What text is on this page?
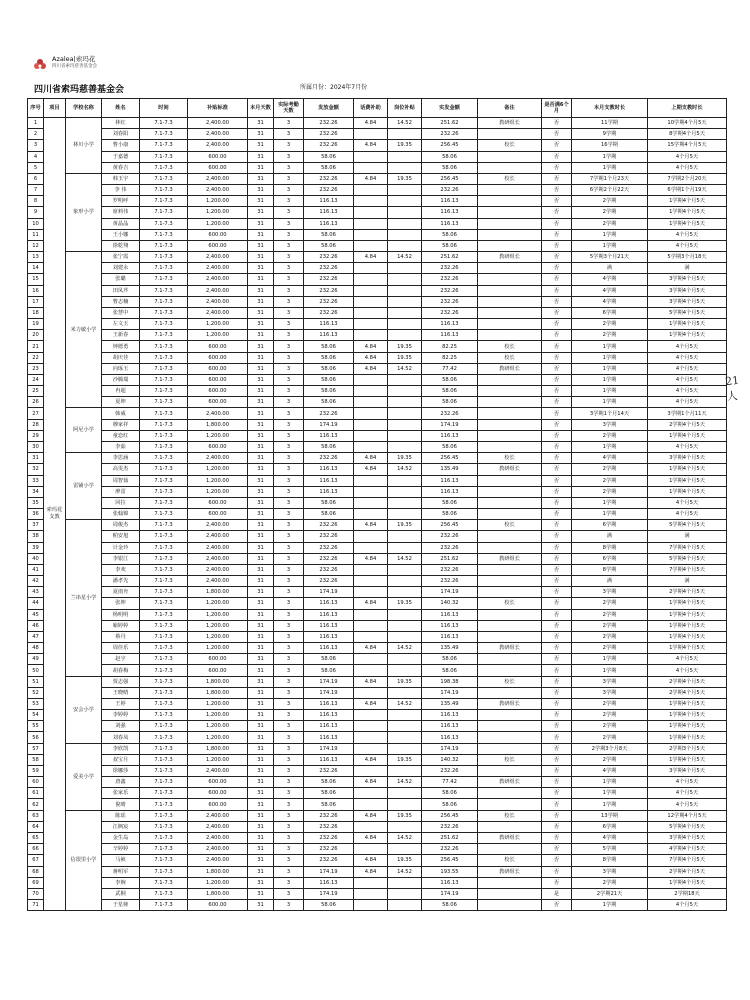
Azalea|索玛花
四川省索玛慈善基金会
四川省索玛慈善基金会	所属月份：2024年7月份
21人
序号	项目	学校名称	姓名	时间	补贴标准	本月天数	实际考勤天数	发放金额	话费补助	岗位补贴	实发金额	备注	是否满6个月	本月支教时长	上期支教时长
1	索玛花支教	林川小学	林红	7.1-7.3	2,400.00	31	3	232.26	4.84	14.52	251.62	教研组长	否	11学期	10学期4个月5天
2			刘春阳	7.1-7.3	2,400.00	31	3	232.26			232.26		否	9学期	8学期4个月5天
3			曹小康	7.1-7.3	2,400.00	31	3	232.26	4.84	19.35	256.45	校长	否	16学期	15学期4个月5天
4			于嘉德	7.1-7.3	600.00	31	3	58.06			58.06		否	1学期	4个月5天
5			黄春吉	7.1-7.3	600.00	31	3	58.06			58.06		否	1学期	4个月5天
6		象形小学	韩玉宇	7.1-7.3	2,400.00	31	3	232.26	4.84	19.35	256.45	校长	否	7学期1个月23天	7学期2个月20天
7			李 伟	7.1-7.3	2,400.00	31	3	232.26			232.26		否	6学期2个月22天	6学期1个月19天
8			罗明呼	7.1-7.3	1,200.00	31	3	116.13			116.13		否	2学期	1学期4个月5天
9			席莉伟	7.1-7.3	1,200.00	31	3	116.13			116.13		否	2学期	1学期4个月5天
10			黄晶晶	7.1-7.3	1,200.00	31	3	116.13			116.13		否	2学期	1学期4个月5天
11			王小娜	7.1-7.3	600.00	31	3	58.06			58.06		否	1学期	4个月5天
12			徐乾翔	7.1-7.3	600.00	31	3	58.06			58.06		否	1学期	4个月5天
13		米力敏小学	张宁霞	7.1-7.3	2,400.00	31	3	232.26	4.84	14.52	251.62	教研组长	否	5学期3个月21天	5学期3个月18天
14			刘建永	7.1-7.3	2,400.00	31	3	232.26			232.26		否	满	满
15			张璐	7.1-7.3	2,400.00	31	3	232.26			232.26		否	4学期	3学期4个月5天
16			田凤芹	7.1-7.3	2,400.00	31	3	232.26			232.26		否	4学期	3学期4个月5天
17			曹志楠	7.1-7.3	2,400.00	31	3	232.26			232.26		否	4学期	3学期4个月5天
18			张慧中	7.1-7.3	2,400.00	31	3	232.26			232.26		否	6学期	5学期4个月5天
19			左文玉	7.1-7.3	1,200.00	31	3	116.13			116.13		否	2学期	1学期4个月5天
20			王新春	7.1-7.3	1,200.00	31	3	116.13			116.13		否	2学期	1学期4个月5天
21			钟德勇	7.1-7.3	600.00	31	3	58.06	4.84	19.35	82.25	校长	否	1学期	4个月5天
22			胡庆佳	7.1-7.3	600.00	31	3	58.06	4.84	19.35	82.25	校长	否	1学期	4个月5天
23			向琢玉	7.1-7.3	600.00	31	3	58.06	4.84	14.52	77.42	教研组长	否	1学期	4个月5天
24			沙腾瑞	7.1-7.3	600.00	31	3	58.06			58.06		否	1学期	4个月5天
25			冉超	7.1-7.3	600.00	31	3	58.06			58.06		否	1学期	4个月5天
26			夏坤	7.1-7.3	600.00	31	3	58.06			58.06		否	1学期	4个月5天
27		阿尼小学	韩威	7.1-7.3	2,400.00	31	3	232.26			232.26		否	3学期1个月14天	3学期1个月11天
28			穆家祥	7.1-7.3	1,800.00	31	3	174.19			174.19		否	3学期	2学期4个月5天
29			童恋红	7.1-7.3	1,200.00	31	3	116.13			116.13		否	2学期	1学期4个月5天
30			李茹	7.1-7.3	600.00	31	3	58.06			58.06		否	1学期	4个月5天
31		雷铺小学	李思涵	7.1-7.3	2,400.00	31	3	232.26	4.84	19.35	256.45	校长	否	4学期	3学期4个月5天
32			高雯杰	7.1-7.3	1,200.00	31	3	116.13	4.84	14.52	135.49	教研组长	否	2学期	1学期4个月5天
33			周智茹	7.1-7.3	1,200.00	31	3	116.13			116.13		否	2学期	1学期4个月5天
34			廖雷	7.1-7.3	1,200.00	31	3	116.13			116.13		否	2学期	1学期4个月5天
35			回拉	7.1-7.3	600.00	31	3	58.06			58.06		否	1学期	4个月5天
36			张翰锦	7.1-7.3	600.00	31	3	58.06			58.06		否	1学期	4个月5天
37		兰串星小学	周俊杰	7.1-7.3	2,400.00	31	3	232.26	4.84	19.35	256.45	校长	否	6学期	5学期4个月5天
38			帕安旭	7.1-7.3	2,400.00	31	3	232.26			232.26		否	满	满
39			计金玲	7.1-7.3	2,400.00	31	3	232.26			232.26		否	8学期	7学期4个月5天
40			李银江	7.1-7.3	2,400.00	31	3	232.26	4.84	14.52	251.62	教研组长	否	6学期	5学期4个月5天
41			李欢	7.1-7.3	2,400.00	31	3	232.26			232.26		否	8学期	7学期4个月5天
42			潘孝先	7.1-7.3	2,400.00	31	3	232.26			232.26		否	满	满
43			夏雨舟	7.1-7.3	1,800.00	31	3	174.19			174.19		否	3学期	2学期4个月5天
44			张坤	7.1-7.3	1,200.00	31	3	116.13	4.84	19.35	140.32	校长	否	2学期	1学期4个月5天
45			杨明明	7.1-7.3	1,200.00	31	3	116.13			116.13		否	2学期	1学期4个月5天
46			喻婷婷	7.1-7.3	1,200.00	31	3	116.13			116.13		否	2学期	1学期4个月5天
47			蔡丹	7.1-7.3	1,200.00	31	3	116.13			116.13		否	2学期	1学期4个月5天
48			周佳乐	7.1-7.3	1,200.00	31	3	116.13	4.84	14.52	135.49	教研组长	否	2学期	1学期4个月5天
49			赵宇	7.1-7.3	600.00	31	3	58.06			58.06		否	1学期	4个月5天
50			胡春梅	7.1-7.3	600.00	31	3	58.06			58.06		否	1学期	4个月5天
51		安会小学	贾志强	7.1-7.3	1,800.00	31	3	174.19	4.84	19.35	198.38	校长	否	3学期	2学期4个月5天
52			王晓晴	7.1-7.3	1,800.00	31	3	174.19			174.19		否	3学期	2学期4个月5天
53			王婷	7.1-7.3	1,200.00	31	3	116.13	4.84	14.52	135.49	教研组长	否	2学期	1学期4个月5天
54			李婷婷	7.1-7.3	1,200.00	31	3	116.13			116.13		否	2学期	1学期4个月5天
55			刘强	7.1-7.3	1,200.00	31	3	116.13			116.13		否	2学期	1学期4个月5天
56			刘春凤	7.1-7.3	1,200.00	31	3	116.13			116.13		否	2学期	1学期4个月5天
57		爱美小学	李欣凯	7.1-7.3	1,800.00	31	3	174.19			174.19		否	2学期3个月8天	2学期3个月5天
58			叔宝月	7.1-7.3	1,200.00	31	3	116.13	4.84	19.35	140.32	校长	否	2学期	1学期4个月5天
59			徐娜莎	7.1-7.3	2,400.00	31	3	232.26			232.26		否	4学期	3学期4个月5天
60			唐鑫	7.1-7.3	600.00	31	3	58.06	4.84	14.52	77.42	教研组长	否	1学期	4个月5天
61			张家乐	7.1-7.3	600.00	31	3	58.06			58.06		否	1学期	4个月5天
62			倪晴	7.1-7.3	600.00	31	3	58.06			58.06		否	1学期	4个月5天
63		信很里小学	陈瑶	7.1-7.3	2,400.00	31	3	232.26	4.84	19.35	256.45	校长	否	13学期	12学期4个月5天
64			江枫宸	7.1-7.3	2,400.00	31	3	232.26			232.26		否	6学期	5学期4个月5天
65			金生岛	7.1-7.3	2,400.00	31	3	232.26	4.84	14.52	251.62	教研组长	否	4学期	3学期4个月5天
66			辛婷婷	7.1-7.3	2,400.00	31	3	232.26			232.26		否	5学期	4学期4个月5天
67			马祯	7.1-7.3	2,400.00	31	3	232.26	4.84	19.35	256.45	校长	否	8学期	7学期4个月5天
68			蒋明军	7.1-7.3	1,800.00	31	3	174.19	4.84	14.52	193.55	教研组长	否	3学期	2学期4个月5天
69			李婉	7.1-7.3	1,200.00	31	3	116.13			116.13		否	2学期	1学期4个月5天
70			武桐	7.1-7.3	1,800.00	31	3	174.19			174.19		是	2学期21天	2学期18天
71			于星娅	7.1-7.3	600.00	31	3	58.06			58.06		否	1学期	4个月5天
